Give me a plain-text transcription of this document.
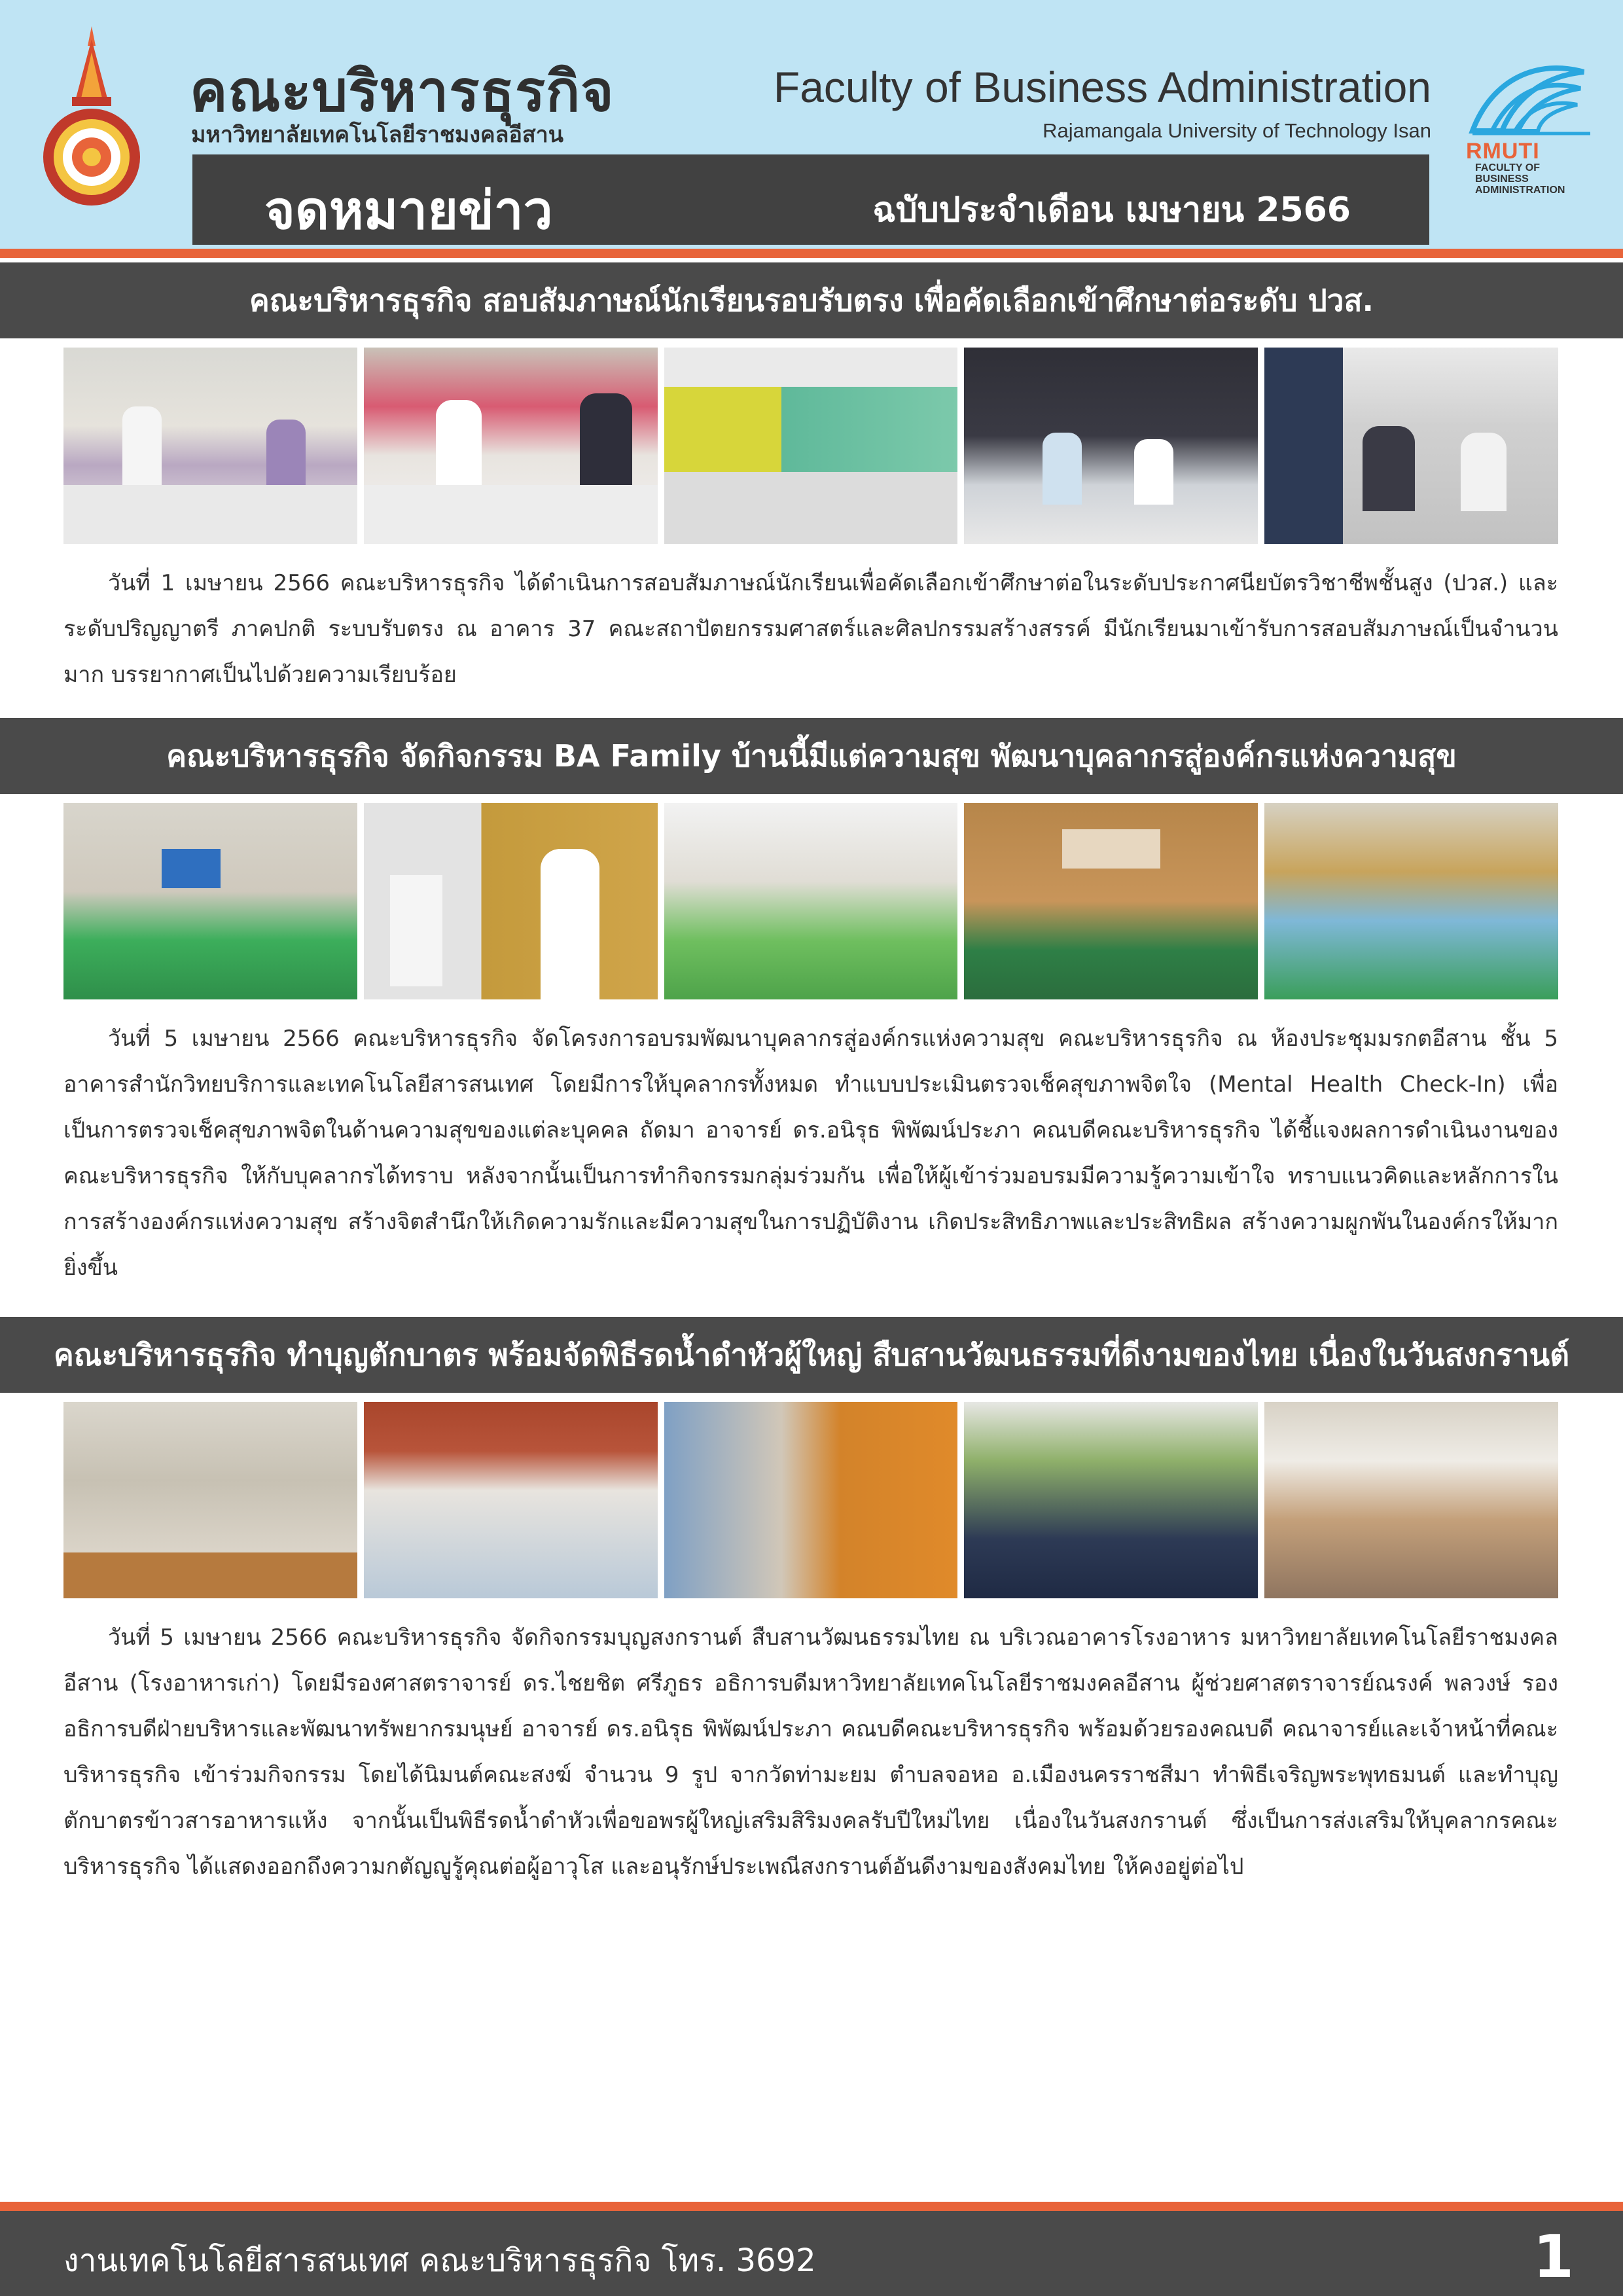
คณะบริหารธุรกิจ
มหาวิทยาลัยเทคโนโลยีราชมงคลอีสาน
Faculty of Business Administration
Rajamangala University of Technology Isan
จดหมายข่าว	ฉบับประจำเดือน เมษายน 2566
RMUTI
FACULTY OF BUSINESS ADMINISTRATION
คณะบริหารธุรกิจ สอบสัมภาษณ์นักเรียนรอบรับตรง เพื่อคัดเลือกเข้าศึกษาต่อระดับ ปวส.
วันที่ 1 เมษายน 2566 คณะบริหารธุรกิจ ได้ดำเนินการสอบสัมภาษณ์นักเรียนเพื่อคัดเลือกเข้าศึกษาต่อในระดับประกาศนียบัตรวิชาชีพชั้นสูง (ปวส.) และระดับปริญญาตรี ภาคปกติ ระบบรับตรง ณ อาคาร 37 คณะสถาปัตยกรรมศาสตร์และศิลปกรรมสร้างสรรค์ มีนักเรียนมาเข้ารับการสอบสัมภาษณ์เป็นจำนวนมาก บรรยากาศเป็นไปด้วยความเรียบร้อย
คณะบริหารธุรกิจ จัดกิจกรรม BA Family บ้านนี้มีแต่ความสุข พัฒนาบุคลากรสู่องค์กรแห่งความสุข
วันที่ 5 เมษายน 2566 คณะบริหารธุรกิจ จัดโครงการอบรมพัฒนาบุคลากรสู่องค์กรแห่งความสุข คณะบริหารธุรกิจ ณ ห้องประชุมมรกตอีสาน ชั้น 5 อาคารสำนักวิทยบริการและเทคโนโลยีสารสนเทศ โดยมีการให้บุคลากรทั้งหมด ทำแบบประเมินตรวจเช็คสุขภาพจิตใจ (Mental Health Check-In) เพื่อเป็นการตรวจเช็คสุขภาพจิตในด้านความสุขของแต่ละบุคคล ถัดมา อาจารย์ ดร.อนิรุธ พิพัฒน์ประภา คณบดีคณะบริหารธุรกิจ ได้ชี้แจงผลการดำเนินงานของคณะบริหารธุรกิจ ให้กับบุคลากรได้ทราบ หลังจากนั้นเป็นการทำกิจกรรมกลุ่มร่วมกัน เพื่อให้ผู้เข้าร่วมอบรมมีความรู้ความเข้าใจ ทราบแนวคิดและหลักการในการสร้างองค์กรแห่งความสุข สร้างจิตสำนึกให้เกิดความรักและมีความสุขในการปฏิบัติงาน เกิดประสิทธิภาพและประสิทธิผล สร้างความผูกพันในองค์กรให้มากยิ่งขึ้น
คณะบริหารธุรกิจ ทำบุญตักบาตร พร้อมจัดพิธีรดน้ำดำหัวผู้ใหญ่ สืบสานวัฒนธรรมที่ดีงามของไทย เนื่องในวันสงกรานต์
วันที่ 5 เมษายน 2566 คณะบริหารธุรกิจ จัดกิจกรรมบุญสงกรานต์ สืบสานวัฒนธรรมไทย ณ บริเวณอาคารโรงอาหาร มหาวิทยาลัยเทคโนโลยีราชมงคลอีสาน (โรงอาหารเก่า) โดยมีรองศาสตราจารย์ ดร.ไชยชิต ศรีภูธร อธิการบดีมหาวิทยาลัยเทคโนโลยีราชมงคลอีสาน ผู้ช่วยศาสตราจารย์ณรงค์ พลวงษ์ รองอธิการบดีฝ่ายบริหารและพัฒนาทรัพยากรมนุษย์ อาจารย์ ดร.อนิรุธ พิพัฒน์ประภา คณบดีคณะบริหารธุรกิจ พร้อมด้วยรองคณบดี คณาจารย์และเจ้าหน้าที่คณะบริหารธุรกิจ เข้าร่วมกิจกรรม โดยได้นิมนต์คณะสงฆ์ จำนวน 9 รูป จากวัดท่ามะยม ตำบลจอหอ อ.เมืองนครราชสีมา ทำพิธีเจริญพระพุทธมนต์ และทำบุญตักบาตรข้าวสารอาหารแห้ง จากนั้นเป็นพิธีรดน้ำดำหัวเพื่อขอพรผู้ใหญ่เสริมสิริมงคลรับปีใหม่ไทย เนื่องในวันสงกรานต์ ซึ่งเป็นการส่งเสริมให้บุคลากรคณะบริหารธุรกิจ ได้แสดงออกถึงความกตัญญูรู้คุณต่อผู้อาวุโส และอนุรักษ์ประเพณีสงกรานต์อันดีงามของสังคมไทย ให้คงอยู่ต่อไป
งานเทคโนโลยีสารสนเทศ คณะบริหารธุรกิจ โทร. 3692	1
